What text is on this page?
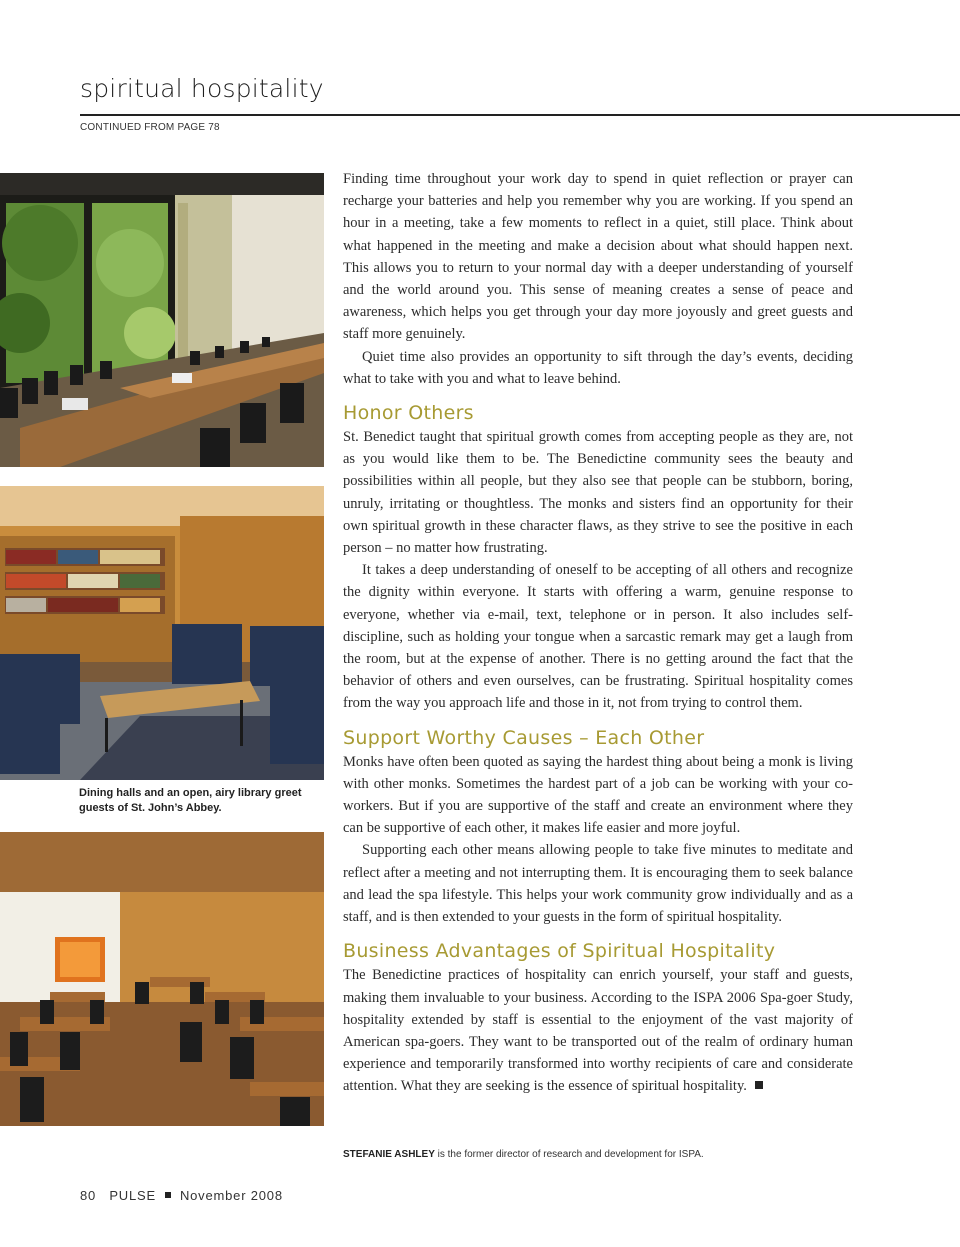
spiritual hospitality
CONTINUED FROM PAGE 78
Dining halls and an open, airy library greet guests of St. John’s Abbey.

Finding time throughout your work day to spend in quiet reflection or prayer can recharge your batteries and help you remember why you are working. If you spend an hour in a meeting, take a few moments to reflect in a quiet, still place. Think about what happened in the meeting and make a decision about what should happen next. This allows you to return to your normal day with a deeper understanding of yourself and the world around you. This sense of meaning creates a sense of peace and awareness, which helps you get through your day more joyously and greet guests and staff more genuinely.

Quiet time also provides an opportunity to sift through the day’s events, deciding what to take with you and what to leave behind.

Honor Others

St. Benedict taught that spiritual growth comes from accepting people as they are, not as you would like them to be. The Benedictine community sees the beauty and possibilities within all people, but they also see that people can be stubborn, boring, unruly, irritating or thoughtless. The monks and sisters find an opportunity for their own spiritual growth in these character flaws, as they strive to see the positive in each person – no matter how frustrating.

It takes a deep understanding of oneself to be accepting of all others and recognize the dignity within everyone. It starts with offering a warm, genuine response to everyone, whether via e-mail, text, telephone or in person. It also includes self-discipline, such as holding your tongue when a sarcastic remark may get a laugh from the room, but at the expense of another. There is no getting around the fact that the behavior of others and even ourselves, can be frustrating. Spiritual hospitality comes from the way you approach life and those in it, not from trying to control them.

Support Worthy Causes – Each Other

Monks have often been quoted as saying the hardest thing about being a monk is living with other monks. Sometimes the hardest part of a job can be working with your co-workers. But if you are supportive of the staff and create an environment where they can be supportive of each other, it makes life easier and more joyful.

Supporting each other means allowing people to take five minutes to meditate and reflect after a meeting and not interrupting them. It is encouraging them to seek balance and lead the spa lifestyle. This helps your work community grow individually and as a staff, and is then extended to your guests in the form of spiritual hospitality.

Business Advantages of Spiritual Hospitality

The Benedictine practices of hospitality can enrich yourself, your staff and guests, making them invaluable to your business. According to the ISPA 2006 Spa-goer Study, hospitality extended by staff is essential to the enjoyment of the vast majority of American spa-goers. They want to be transported out of the realm of ordinary human experience and temporarily transformed into worthy recipients of care and considerate attention. What they are seeking is the essence of spiritual hospitality.

STEFANIE ASHLEY is the former director of research and development for ISPA.
80 PULSE November 2008
